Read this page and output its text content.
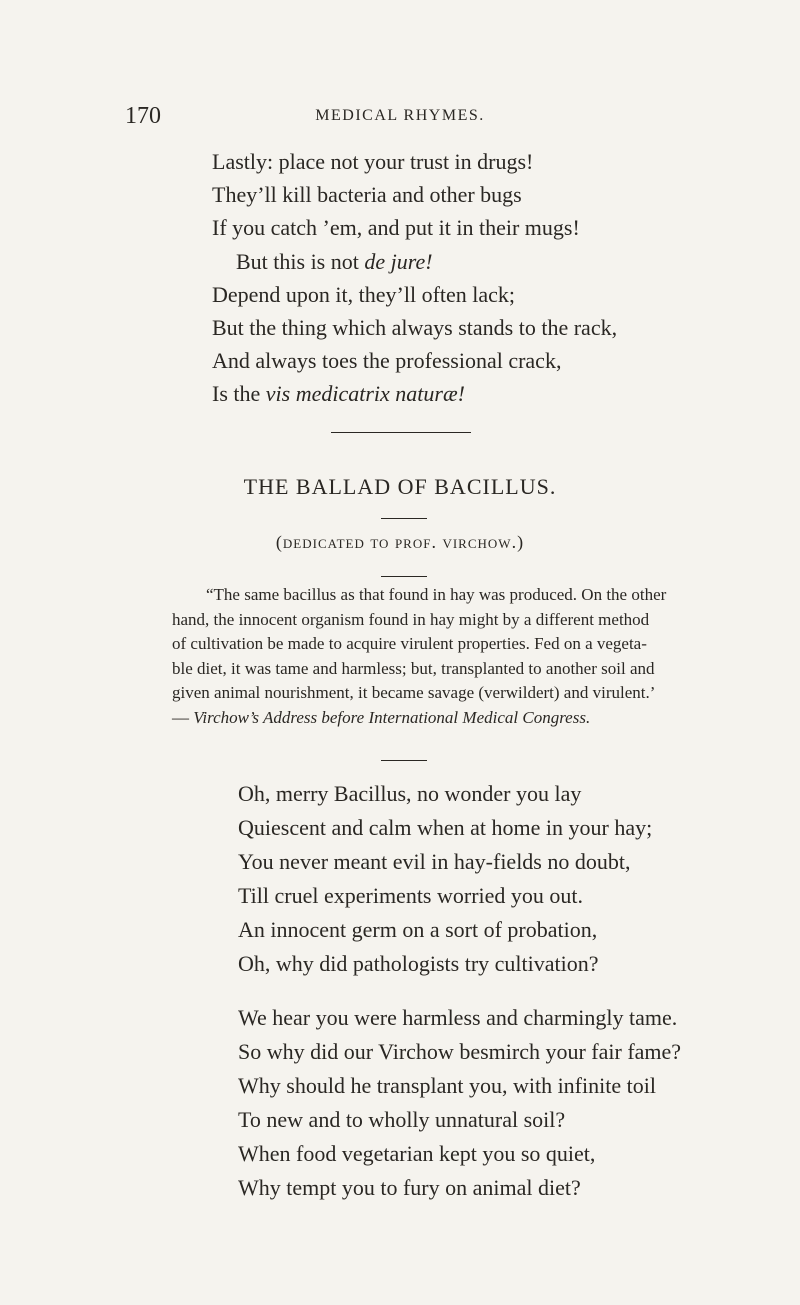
170	MEDICAL RHYMES.
Lastly: place not your trust in drugs!
They’ll kill bacteria and other bugs
If you catch ’em, and put it in their mugs!
But this is not de jure!
Depend upon it, they’ll often lack;
But the thing which always stands to the rack,
And always toes the professional crack,
Is the vis medicatrix naturæ!
THE BALLAD OF BACILLUS.
(dedicated to prof. virchow.)
“The same bacillus as that found in hay was produced. On the other
hand, the innocent organism found in hay might by a different method
of cultivation be made to acquire virulent properties. Fed on a vegeta-
ble diet, it was tame and harmless; but, transplanted to another soil and
given animal nourishment, it became savage (verwildert) and virulent.’
— Virchow’s Address before International Medical Congress.
Oh, merry Bacillus, no wonder you lay
Quiescent and calm when at home in your hay;
You never meant evil in hay-fields no doubt,
Till cruel experiments worried you out.
An innocent germ on a sort of probation,
Oh, why did pathologists try cultivation?
We hear you were harmless and charmingly tame.
So why did our Virchow besmirch your fair fame?
Why should he transplant you, with infinite toil
To new and to wholly unnatural soil?
When food vegetarian kept you so quiet,
Why tempt you to fury on animal diet?
